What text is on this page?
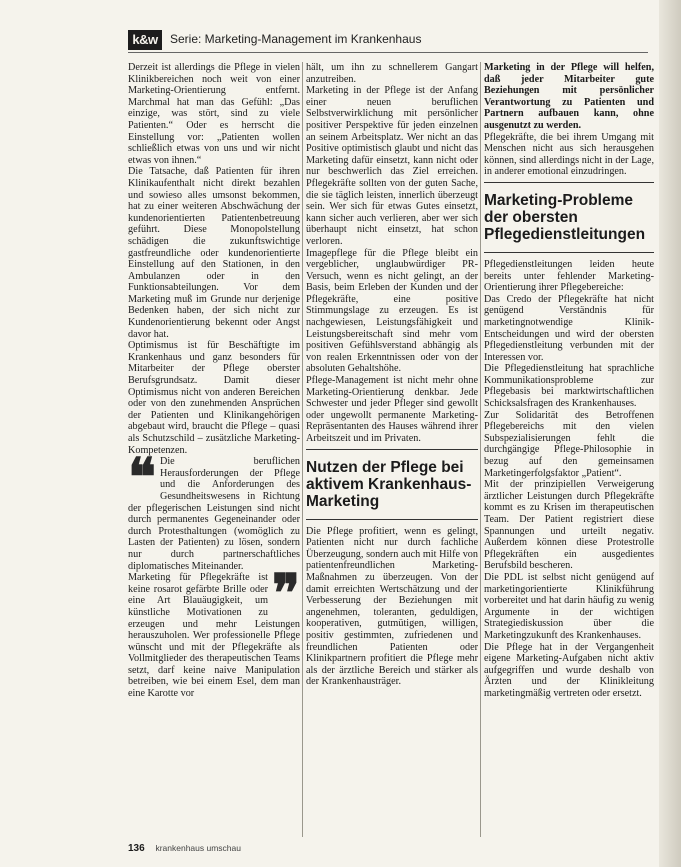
k&w	Serie: Marketing-Management im Krankenhaus

Derzeit ist allerdings die Pflege in vielen Klinikbereichen noch weit von einer Marketing-Orientierung entfernt. Marchmal hat man das Gefühl: „Das einzige, was stört, sind zu viele Patienten.“ Oder es herrscht die Einstellung vor: „Patienten wollen schließlich etwas von uns und wir nicht etwas von ihnen.“

Die Tatsache, daß Patienten für ihren Klinikaufenthalt nicht direkt bezahlen und sowieso alles umsonst bekommen, hat zu einer weiteren Abschwächung der kundenorientierten Patientenbetreuung geführt. Diese Monopolstellung schädigen die zukunftswichtige gastfreundliche oder kundenorientierte Einstellung auf den Stationen, in den Ambulanzen oder in den Funktionsabteilungen. Vor dem Marketing muß im Grunde nur derjenige Bedenken haben, der sich nicht zur Kundenorientierung bekennt oder Angst davor hat.

Optimismus ist für Beschäftigte im Krankenhaus und ganz besonders für Mitarbeiter der Pflege oberster Berufsgrundsatz. Damit dieser Optimismus nicht von anderen Bereichen oder von den zunehmenden Ansprüchen der Patienten und Klinikangehörigen abgebaut wird, braucht die Pflege – quasi als Schutzschild – zusätzliche Marketing-Kompetenzen.

❝ Die beruflichen Herausforderungen der Pflege und die Anforderungen des Gesundheitswesens in Richtung der pflegerischen Leistungen sind nicht durch permanentes Gegeneinander oder durch Protesthaltungen (womöglich zu Lasten der Patienten) zu lösen, sondern nur durch partnerschaftliches diplomatisches Miteinander. ❞

Marketing für Pflegekräfte ist keine rosarot gefärbte Brille oder eine Art Blauäugigkeit, um künstliche Motivationen zu erzeugen und mehr Leistungen herauszuholen. Wer professionelle Pflege wünscht und mit der Pflegekräfte als Vollmitglieder des therapeutischen Teams setzt, darf keine naive Manipulation betreiben, wie bei einem Esel, dem man eine Karotte vor

hält, um ihn zu schnellerem Gangart anzutreiben.

Marketing in der Pflege ist der Anfang einer neuen beruflichen Selbstverwirklichung mit persönlicher positiver Perspektive für jeden einzelnen an seinem Arbeitsplatz. Wer nicht an das Positive optimistisch glaubt und nicht das Marketing dafür einsetzt, kann nicht oder nur beschwerlich das Ziel erreichen. Pflegekräfte sollten von der guten Sache, die sie täglich leisten, innerlich überzeugt sein. Wer sich für etwas Gutes einsetzt, kann sicher auch verlieren, aber wer sich überhaupt nicht einsetzt, hat schon verloren.

Imagepflege für die Pflege bleibt ein vergeblicher, unglaubwürdiger PR-Versuch, wenn es nicht gelingt, an der Basis, beim Erleben der Kunden und der Pflegekräfte, eine positive Stimmungslage zu erzeugen. Es ist nachgewiesen, Leistungsfähigkeit und Leistungsbereitschaft sind mehr vom positiven Gefühlsverstand abhängig als von realen Erkenntnissen oder von der absoluten Gehaltshöhe.

Pflege-Management ist nicht mehr ohne Marketing-Orientierung denkbar. Jede Schwester und jeder Pfleger sind gewollt oder ungewollt permanente Marketing-Repräsentanten des Hauses während ihrer Arbeitszeit und im Privaten.

Nutzen der Pflege bei aktivem Krankenhaus-Marketing

Die Pflege profitiert, wenn es gelingt, Patienten nicht nur durch fachliche Überzeugung, sondern auch mit Hilfe von patientenfreundlichen Marketing-Maßnahmen zu überzeugen. Von der damit erreichten Wertschätzung und der Verbesserung der Beziehungen mit angenehmen, toleranten, geduldigen, kooperativen, gutmütigen, willigen, positiv gestimmten, zufriedenen und freundlichen Patienten oder Klinikpartnern profitiert die Pflege mehr als der ärztliche Bereich und stärker als der Krankenhausträger.

Marketing in der Pflege will helfen, daß jeder Mitarbeiter gute Beziehungen mit persönlicher Verantwortung zu Patienten und Partnern aufbauen kann, ohne ausgenutzt zu werden.

Pflegekräfte, die bei ihrem Umgang mit Menschen nicht aus sich herausgehen können, sind allerdings nicht in der Lage, in anderer emotional einzudringen.

Marketing-Probleme der obersten Pflegedienstleitungen

Pflegedienstleitungen leiden heute bereits unter fehlender Marketing-Orientierung ihrer Pflegebereiche:

Das Credo der Pflegekräfte hat nicht genügend Verständnis für marketingnotwendige Klinik-Entscheidungen und wird der obersten Pflegedienstleitung verbunden mit der Interessen vor.

Die Pflegedienstleitung hat sprachliche Kommunikationsprobleme zur Pflegebasis bei marktwirtschaftlichen Schicksalsfragen des Krankenhauses.

Zur Solidarität des Betroffenen Pflegebereichs mit den vielen Subspezialisierungen fehlt die durchgängige Pflege-Philosophie in bezug auf den gemeinsamen Marketingerfolgsfaktor „Patient“.

Mit der prinzipiellen Verweigerung ärztlicher Leistungen durch Pflegekräfte kommt es zu Krisen im therapeutischen Team. Der Patient registriert diese Spannungen und urteilt negativ. Außerdem können diese Protestrolle Pflegekräften ein ausgedientes Berufsbild bescheren.

Die PDL ist selbst nicht genügend auf marketingorientierte Klinikführung vorbereitet und hat darin häufig zu wenig Argumente in der wichtigen Strategiediskussion über die Marketingzukunft des Krankenhauses.

Die Pflege hat in der Vergangenheit eigene Marketing-Aufgaben nicht aktiv aufgegriffen und wurde deshalb von Ärzten und der Klinikleitung marketingmäßig vertreten oder ersetzt.

136 krankenhaus umschau
